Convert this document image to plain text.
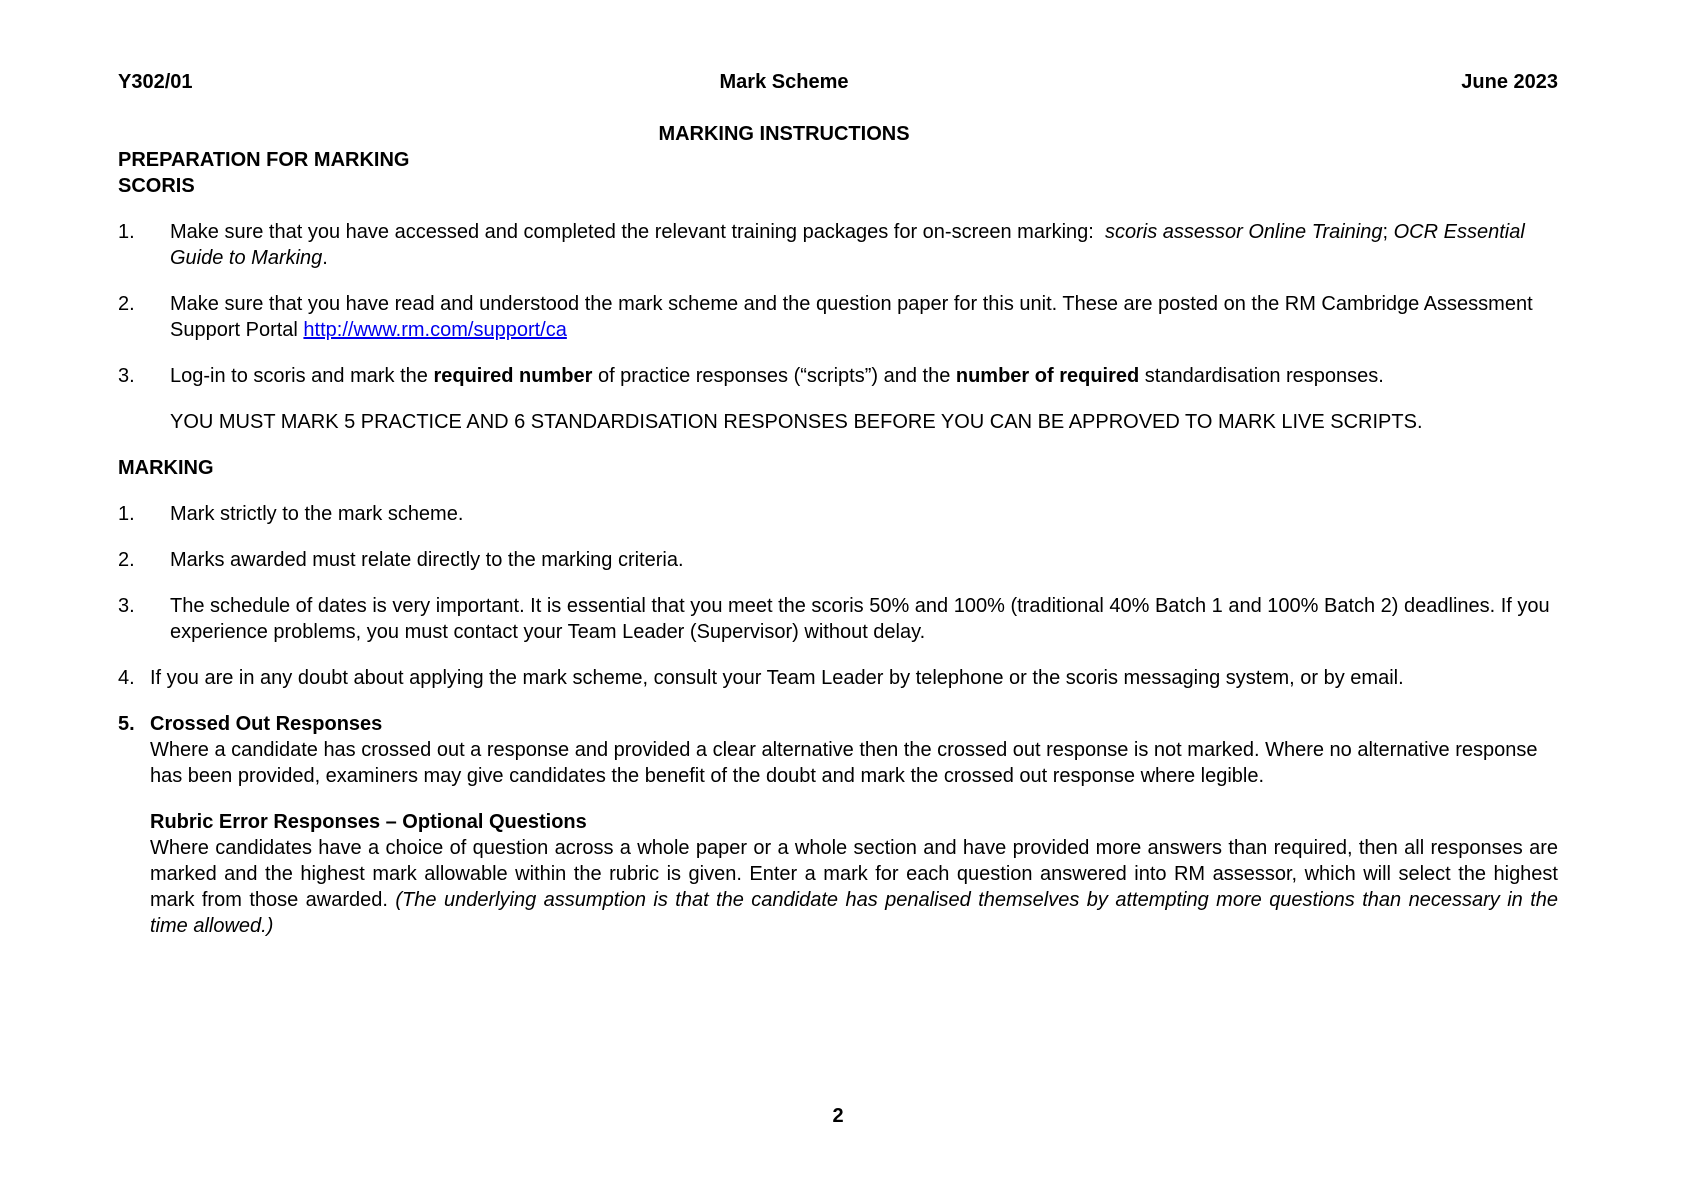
Y302/01	Mark Scheme	June 2023
MARKING INSTRUCTIONS
PREPARATION FOR MARKING
SCORIS
1.	Make sure that you have accessed and completed the relevant training packages for on-screen marking:  scoris assessor Online Training; OCR Essential Guide to Marking.
2.	Make sure that you have read and understood the mark scheme and the question paper for this unit. These are posted on the RM Cambridge Assessment Support Portal http://www.rm.com/support/ca
3.	Log-in to scoris and mark the required number of practice responses (“scripts”) and the number of required standardisation responses.
YOU MUST MARK 5 PRACTICE AND 6 STANDARDISATION RESPONSES BEFORE YOU CAN BE APPROVED TO MARK LIVE SCRIPTS.
MARKING
1.	Mark strictly to the mark scheme.
2.	Marks awarded must relate directly to the marking criteria.
3.	The schedule of dates is very important. It is essential that you meet the scoris 50% and 100% (traditional 40% Batch 1 and 100% Batch 2) deadlines. If you experience problems, you must contact your Team Leader (Supervisor) without delay.
4. If you are in any doubt about applying the mark scheme, consult your Team Leader by telephone or the scoris messaging system, or by email.
5. Crossed Out Responses
Where a candidate has crossed out a response and provided a clear alternative then the crossed out response is not marked. Where no alternative response has been provided, examiners may give candidates the benefit of the doubt and mark the crossed out response where legible.
Rubric Error Responses – Optional Questions
Where candidates have a choice of question across a whole paper or a whole section and have provided more answers than required, then all responses are marked and the highest mark allowable within the rubric is given. Enter a mark for each question answered into RM assessor, which will select the highest mark from those awarded. (The underlying assumption is that the candidate has penalised themselves by attempting more questions than necessary in the time allowed.)
2
